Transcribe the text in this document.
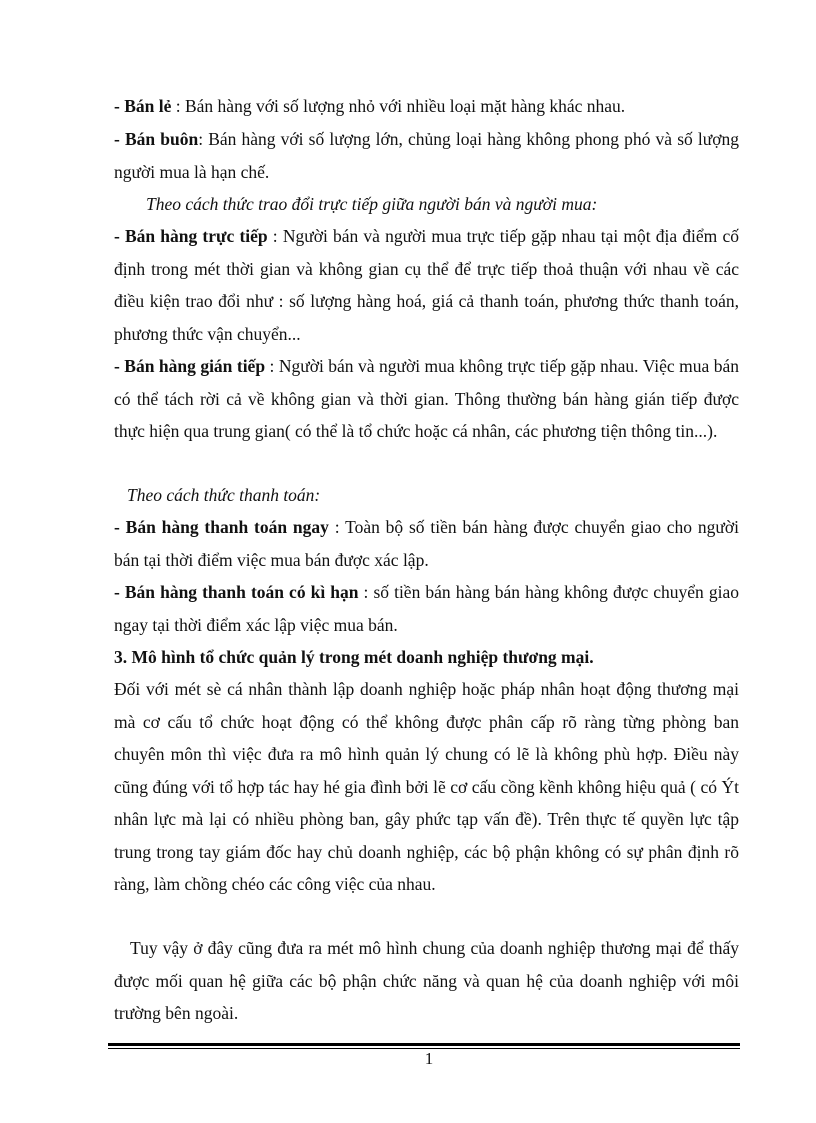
- Bán lẻ : Bán hàng với số lượng nhỏ với nhiều loại mặt hàng khác nhau.

- Bán buôn: Bán hàng với số lượng lớn, chủng loại hàng không phong phó và số lượng người mua là hạn chế.

Theo cách thức trao đổi trực tiếp giữa người bán và người mua:

- Bán hàng trực tiếp : Người bán và người mua trực tiếp gặp nhau tại một địa điểm cố định trong mét thời gian và không gian cụ thể để trực tiếp thoả thuận với nhau về các điều kiện trao đổi như : số lượng hàng hoá, giá cả thanh toán, phương thức thanh toán, phương thức vận chuyển...

- Bán hàng gián tiếp : Người bán và người mua không trực tiếp gặp nhau. Việc mua bán có thể tách rời cả về không gian và thời gian. Thông thường bán hàng gián tiếp được thực hiện qua trung gian( có thể là tổ chức hoặc cá nhân, các phương tiện thông tin...).

Theo cách thức thanh toán:

- Bán hàng thanh toán ngay : Toàn bộ số tiền bán hàng được chuyển giao cho người bán tại thời điểm việc mua bán được xác lập.

- Bán hàng thanh toán có kì hạn : số tiền bán hàng bán hàng không được chuyển giao ngay tại thời điểm xác lập việc mua bán.

3. Mô hình tổ chức quản lý trong mét doanh nghiệp thương mại.

Đối với mét sè cá nhân thành lập doanh nghiệp hoặc pháp nhân hoạt động thương mại mà cơ cấu tổ chức hoạt động có thể không được phân cấp rõ ràng từng phòng ban chuyên môn thì việc đưa ra mô hình quản lý chung có lẽ là không phù hợp. Điều này cũng đúng với tổ hợp tác hay hé gia đình bởi lẽ cơ cấu cồng kềnh không hiệu quả ( có Ýt nhân lực mà lại có nhiều phòng ban, gây phức tạp vấn đề). Trên thực tế quyền lực tập trung trong tay giám đốc hay chủ doanh nghiệp, các bộ phận không có sự phân định rõ ràng, làm chồng chéo các công việc của nhau.

Tuy vậy ở đây cũng đưa ra mét mô hình chung của doanh nghiệp thương mại để thấy được mối quan hệ giữa các bộ phận chức năng và quan hệ của doanh nghiệp với môi trường bên ngoài.

1
